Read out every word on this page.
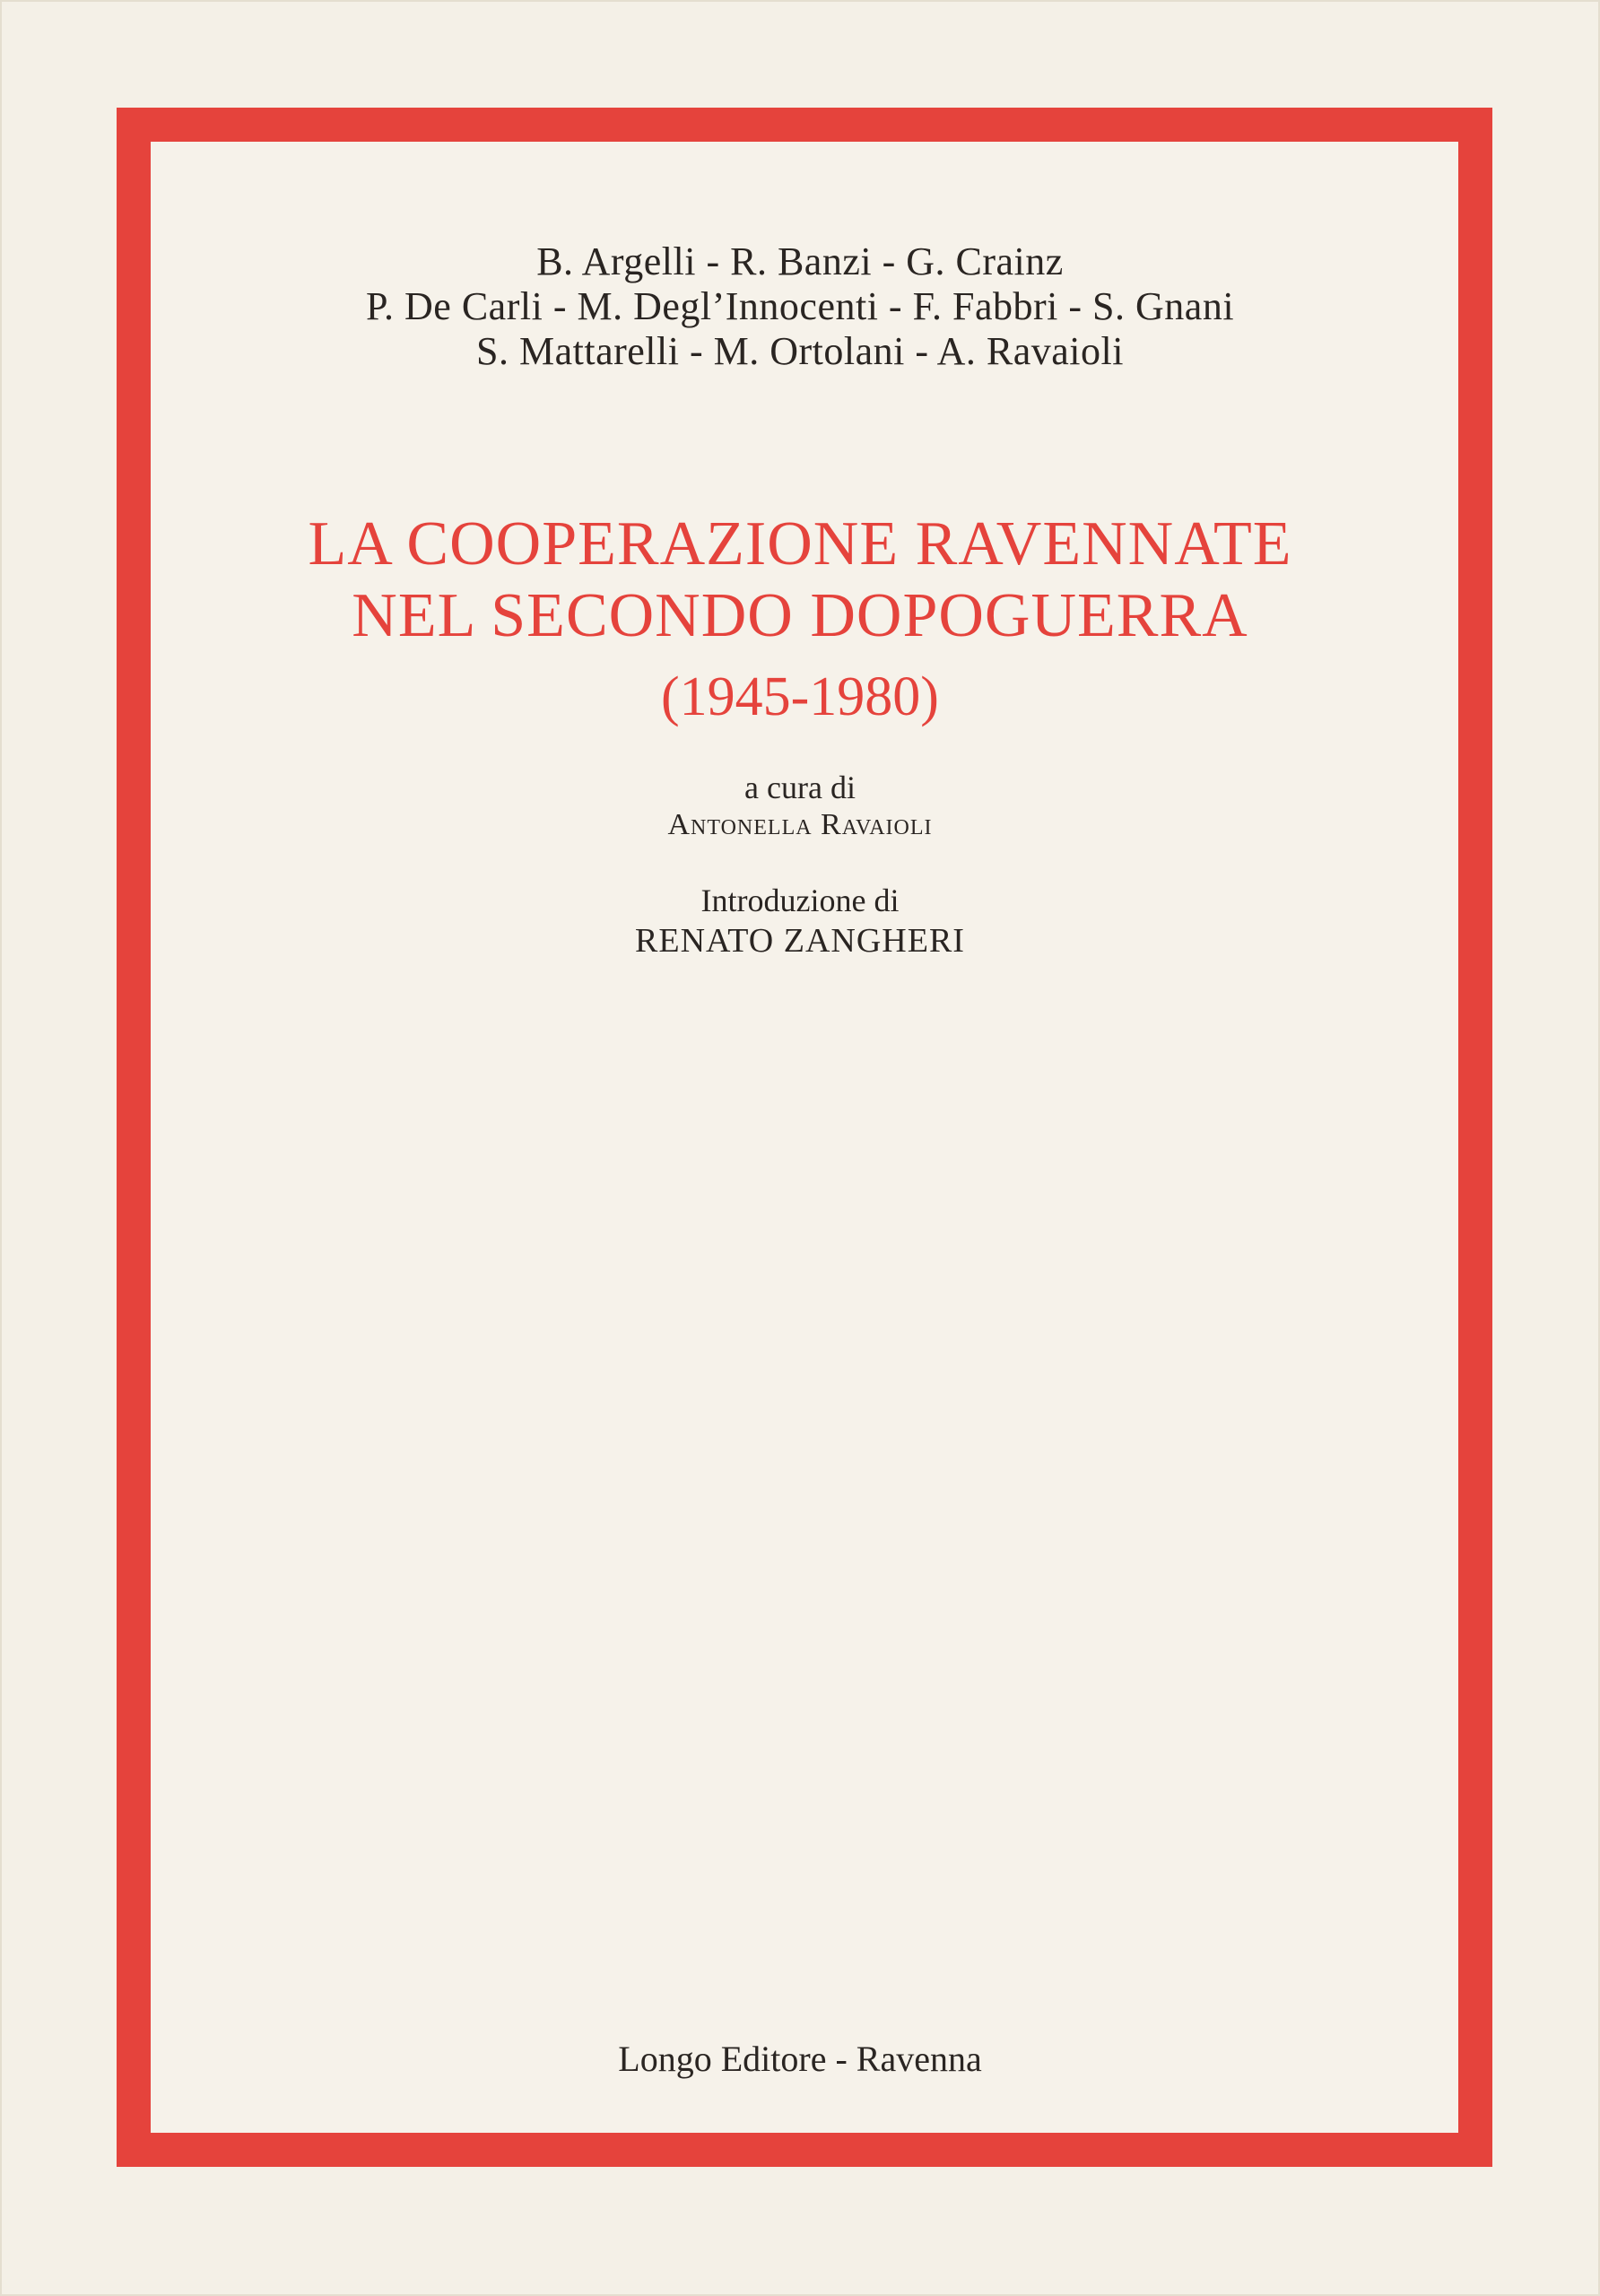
B. Argelli - R. Banzi - G. Crainz
P. De Carli - M. Degl’Innocenti - F. Fabbri - S. Gnani
S. Mattarelli - M. Ortolani - A. Ravaioli
LA COOPERAZIONE RAVENNATE
NEL SECONDO DOPOGUERRA
(1945-1980)
a cura di
Antonella Ravaioli
Introduzione di
RENATO ZANGHERI
Longo Editore - Ravenna
